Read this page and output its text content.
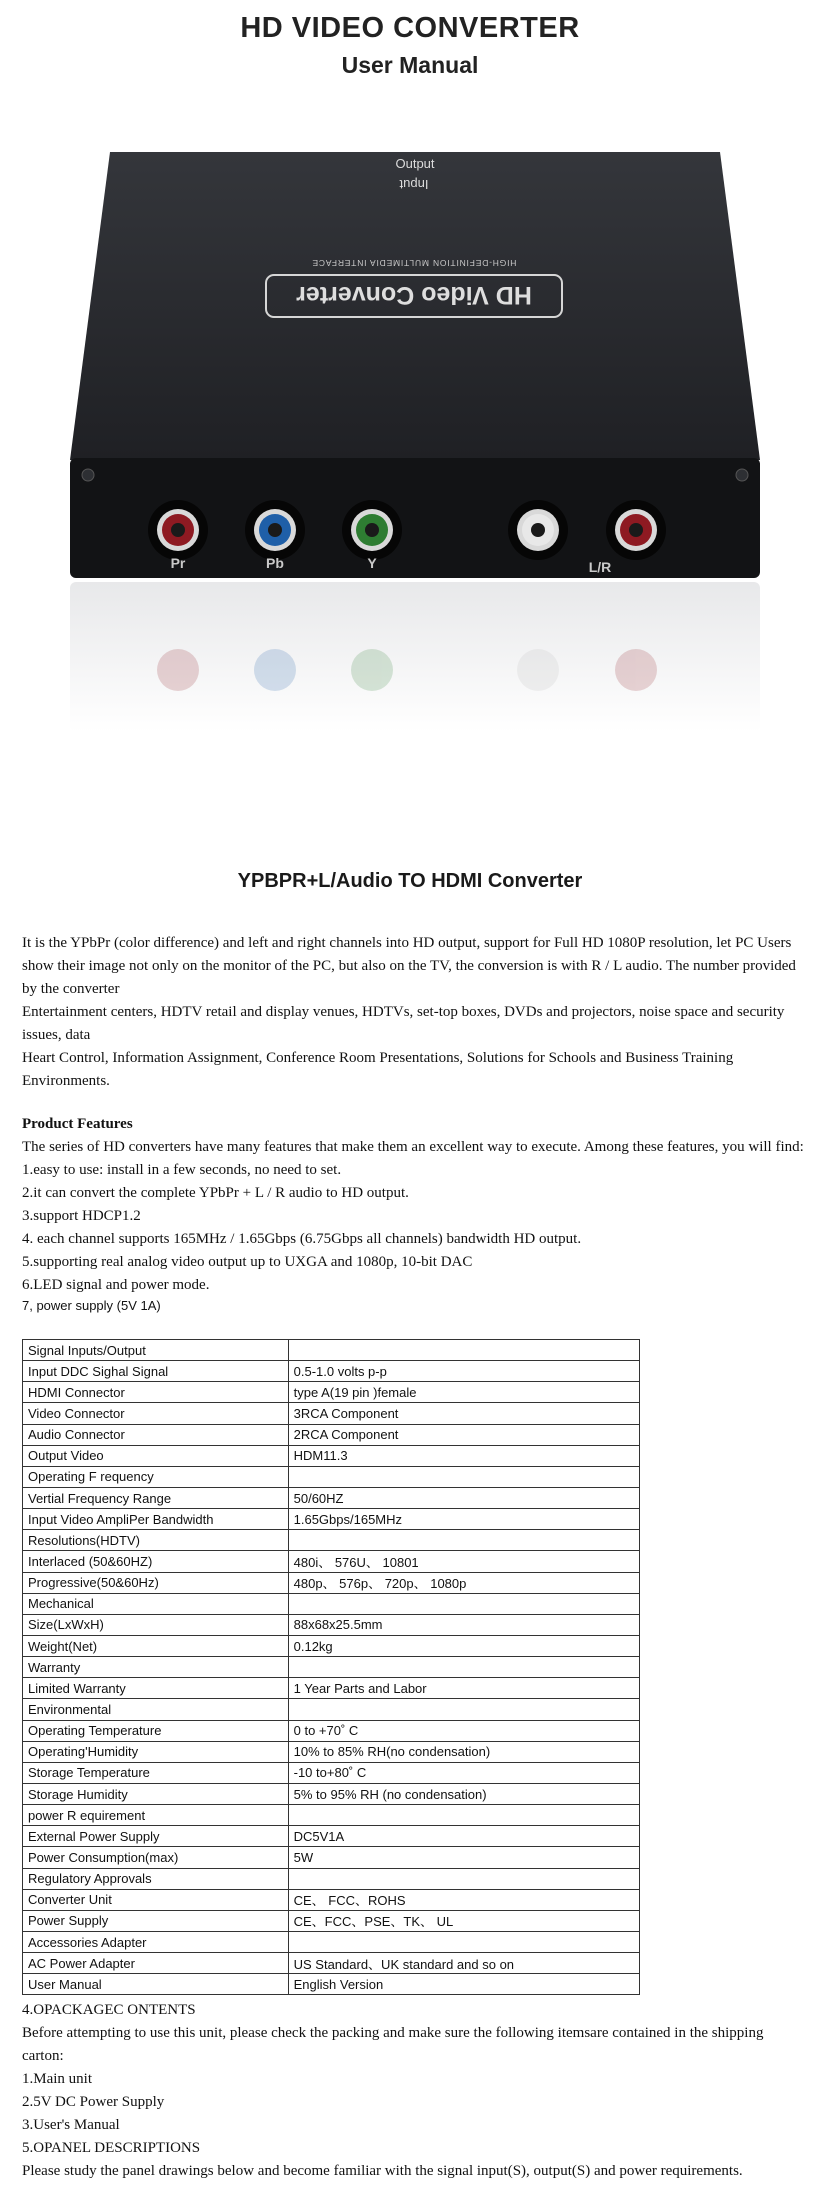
HD VIDEO CONVERTER
User Manual
Output
HD Video Converter
HIGH-DEFINITION MULTIMEDIA INTERFACE
Input
Pr	Pb	Y	L/R
YPBPR+L/Audio TO HDMI Converter
It is the YPbPr (color difference) and left and right channels into HD output, support for Full HD 1080P resolution, let PC Users show their image not only on the monitor of the PC, but also on the TV, the conversion is with R / L audio. The number provided by the converter
Entertainment centers, HDTV retail and display venues, HDTVs, set-top boxes, DVDs and projectors, noise space and security issues, data
Heart Control, Information Assignment, Conference Room Presentations, Solutions for Schools and Business Training Environments.
Product Features
The series of HD converters have many features that make them an excellent way to execute. Among these features, you will find:
1.easy to use: install in a few seconds, no need to set.
2.it can convert the complete YPbPr + L / R audio to HD output.
3.support HDCP1.2
4. each channel supports 165MHz / 1.65Gbps (6.75Gbps all channels) bandwidth HD output.
5.supporting real analog video output up to UXGA and 1080p, 10-bit DAC
6.LED signal and power mode.
7, power supply (5V 1A)
Signal Inputs/Output	
Input DDC Sighal Signal	0.5-1.0 volts p-p
HDMI Connector	type A(19 pin )female
Video Connector	3RCA Component
Audio Connector	2RCA Component
Output Video	HDM11.3
Operating F requency	
Vertial Frequency Range	50/60HZ
Input Video AmpliPer Bandwidth	1.65Gbps/165MHz
Resolutions(HDTV)	
Interlaced (50&60HZ)	480i、 576U、 10801
Progressive(50&60Hz)	480p、 576p、 720p、 1080p
Mechanical	
Size(LxWxH)	88x68x25.5mm
Weight(Net)	0.12kg
Warranty	
Limited Warranty	1 Year Parts and Labor
Environmental	
Operating Temperature	0 to +70˚ C
Operating'Humidity	10% to 85% RH(no condensation)
Storage Temperature	-10 to+80˚ C
Storage Humidity	5% to 95% RH (no condensation)
power R equirement	
External Power Supply	DC5V1A
Power Consumption(max)	5W
Regulatory Approvals	
Converter Unit	CE、 FCC、ROHS
Power Supply	CE、FCC、PSE、TK、 UL
Accessories Adapter	
AC Power Adapter	US Standard、UK standard and so on
User Manual	English Version
4.OPACKAGEC ONTENTS
Before attempting to use this unit, please check the packing and make sure the following itemsare contained in the shipping carton:
1.Main unit
2.5V DC Power Supply
3.User's Manual
5.OPANEL DESCRIPTIONS
Please study the panel drawings below and become familiar with the signal input(S), output(S) and power requirements.
